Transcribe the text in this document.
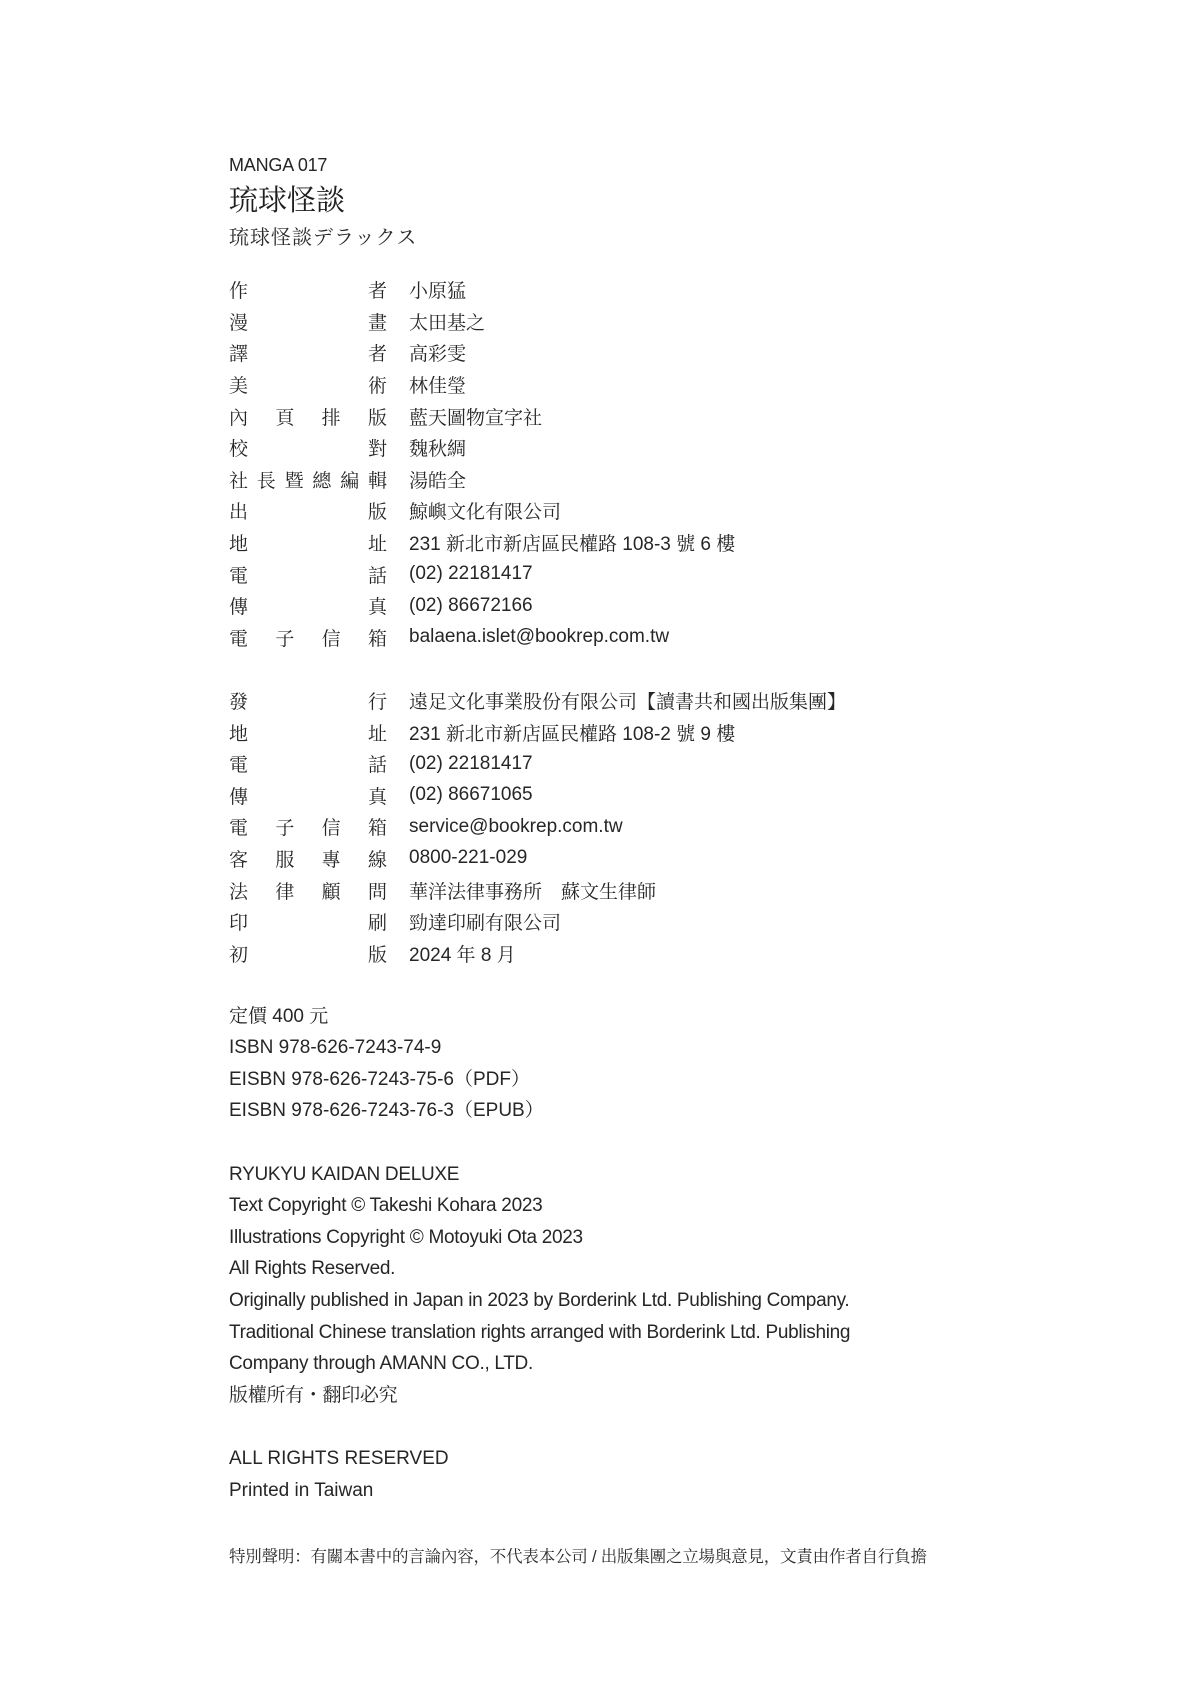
MANGA 017
琉球怪談
琉球怪談デラックス
作	者 小原猛
漫	畫 太田基之
譯	者 高彩雯
美	術 林佳瑩
內 頁 排 版 藍天圖物宣字社
校	對 魏秋綢
社 長 暨 總 編 輯 湯皓全
出	版 鯨嶼文化有限公司
地	址 231 新北市新店區民權路 108-3 號 6 樓
電	話 (02) 22181417
傳	真 (02) 86672166
電 子 信 箱 balaena.islet@bookrep.com.tw
發	行 遠足文化事業股份有限公司【讀書共和國出版集團】
地	址 231 新北市新店區民權路 108-2 號 9 樓
電	話 (02) 22181417
傳	真 (02) 86671065
電 子 信 箱 service@bookrep.com.tw
客 服 專 線 0800-221-029
法 律 顧 問 華洋法律事務所　蘇文生律師
印	刷 勁達印刷有限公司
初	版 2024 年 8 月
定價 400 元
ISBN 978-626-7243-74-9
EISBN 978-626-7243-75-6（PDF）
EISBN 978-626-7243-76-3（EPUB）
RYUKYU KAIDAN DELUXE
Text Copyright © Takeshi Kohara 2023
Illustrations Copyright © Motoyuki Ota 2023
All Rights Reserved.
Originally published in Japan in 2023 by Borderink Ltd. Publishing Company.
Traditional Chinese translation rights arranged with Borderink Ltd. Publishing
Company through AMANN CO., LTD.
版權所有・翻印必究
ALL RIGHTS RESERVED
Printed in Taiwan
特別聲明：有關本書中的言論內容，不代表本公司 / 出版集團之立場與意見，文責由作者自行負擔
